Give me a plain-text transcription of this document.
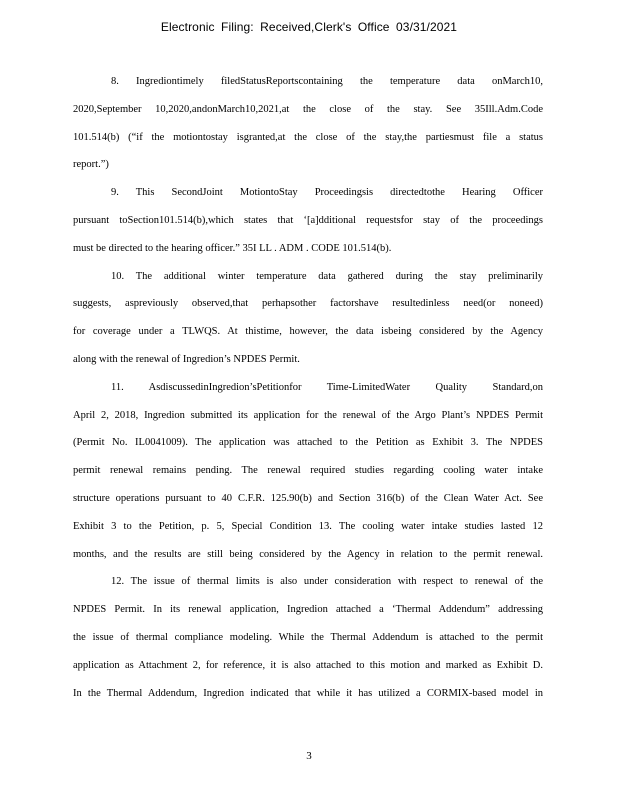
Electronic Filing: Received,Clerk's Office 03/31/2021
8. Ingrediontimely filedStatusReportscontaining the temperature data onMarch10,
2020,September 10,2020,andonMarch10,2021,at the close of the stay. See 35Ill.Adm.Code
101.514(b) (“if the motiontostay isgranted,at the close of the stay,the partiesmust file a status
report.”)
9. This SecondJoint MotiontoStay Proceedingsis directedtothe Hearing Officer
pursuant toSection101.514(b),which states that ‘[a]dditional requestsfor stay of the proceedings
must be directed to the hearing officer.” 35I LL . ADM . CODE 101.514(b).
10. The additional winter temperature data gathered during the stay preliminarily
suggests, aspreviously observed,that perhapsother factorshave resultedinless need(or noneed)
for coverage under a TLWQS. At thistime, however, the data isbeing considered by the Agency
along with the renewal of Ingredion’s NPDES Permit.
11. AsdiscussedinIngredion’sPetitionfor Time-LimitedWater Quality Standard,on
April 2, 2018, Ingredion submitted its application for the renewal of the Argo Plant’s NPDES Permit
(Permit No. IL0041009). The application was attached to the Petition as Exhibit 3. The NPDES
permit renewal remains pending. The renewal required studies regarding cooling water intake
structure operations pursuant to 40 C.F.R. 125.90(b) and Section 316(b) of the Clean Water Act. See
Exhibit 3 to the Petition, p. 5, Special Condition 13. The cooling water intake studies lasted 12
months, and the results are still being considered by the Agency in relation to the permit renewal.
12. The issue of thermal limits is also under consideration with respect to renewal of the
NPDES Permit. In its renewal application, Ingredion attached a ‘Thermal Addendum” addressing
the issue of thermal compliance modeling. While the Thermal Addendum is attached to the permit
application as Attachment 2, for reference, it is also attached to this motion and marked as Exhibit D.
In the Thermal Addendum, Ingredion indicated that while it has utilized a CORMIX-based model in
3
